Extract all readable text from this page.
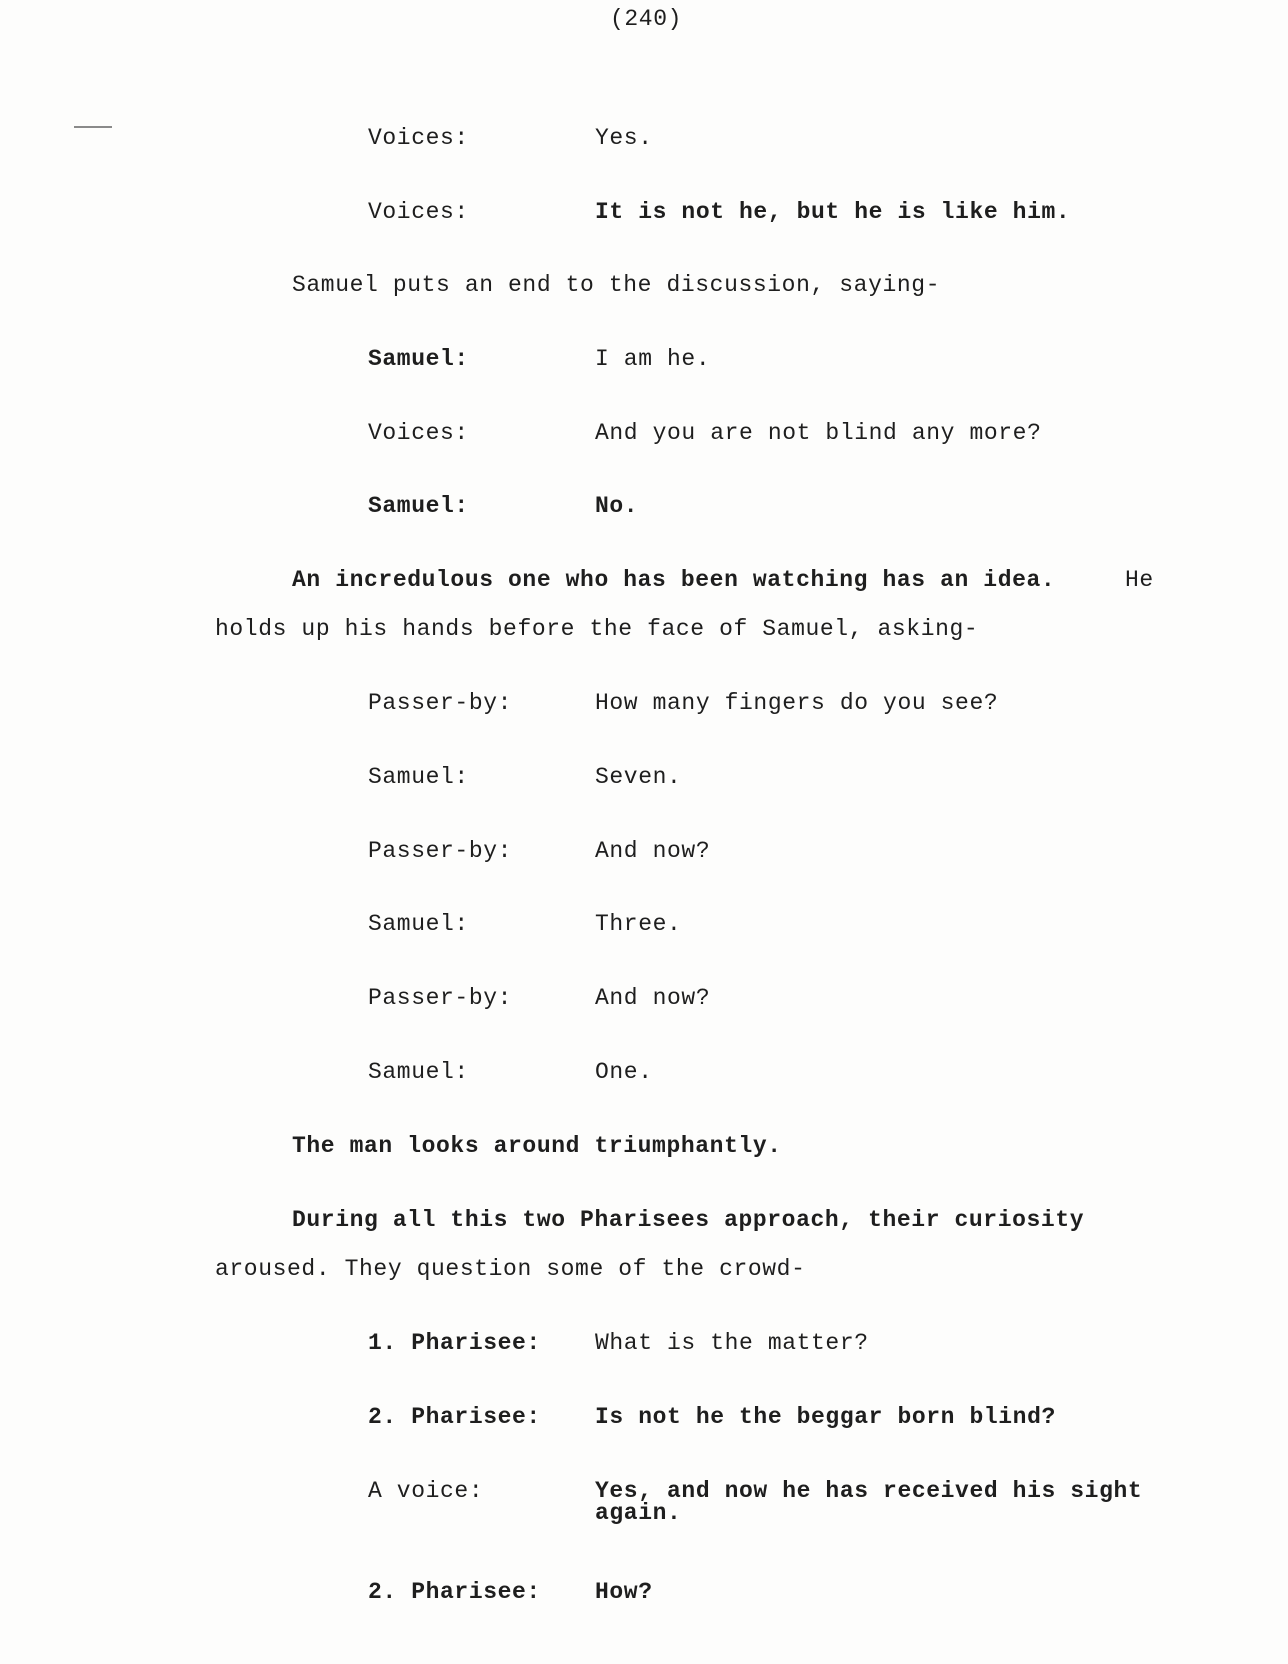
(240)
Voices:	Yes.
Voices:	It is not he, but he is like him.
Samuel puts an end to the discussion, saying-
Samuel:	I am he.
Voices:	And you are not blind any more?
Samuel:	No.
An incredulous one who has been watching has an idea.	He
holds up his hands before the face of Samuel, asking-
Passer-by:	How many fingers do you see?
Samuel:	Seven.
Passer-by:	And now?
Samuel:	Three.
Passer-by:	And now?
Samuel:	One.
The man looks around triumphantly.
During all this two Pharisees approach, their curiosity
aroused. They question some of the crowd-
1. Pharisee: What is the matter?
2. Pharisee: Is not he the beggar born blind?
A voice:	Yes, and now he has received his sight again.
2. Pharisee: How?
